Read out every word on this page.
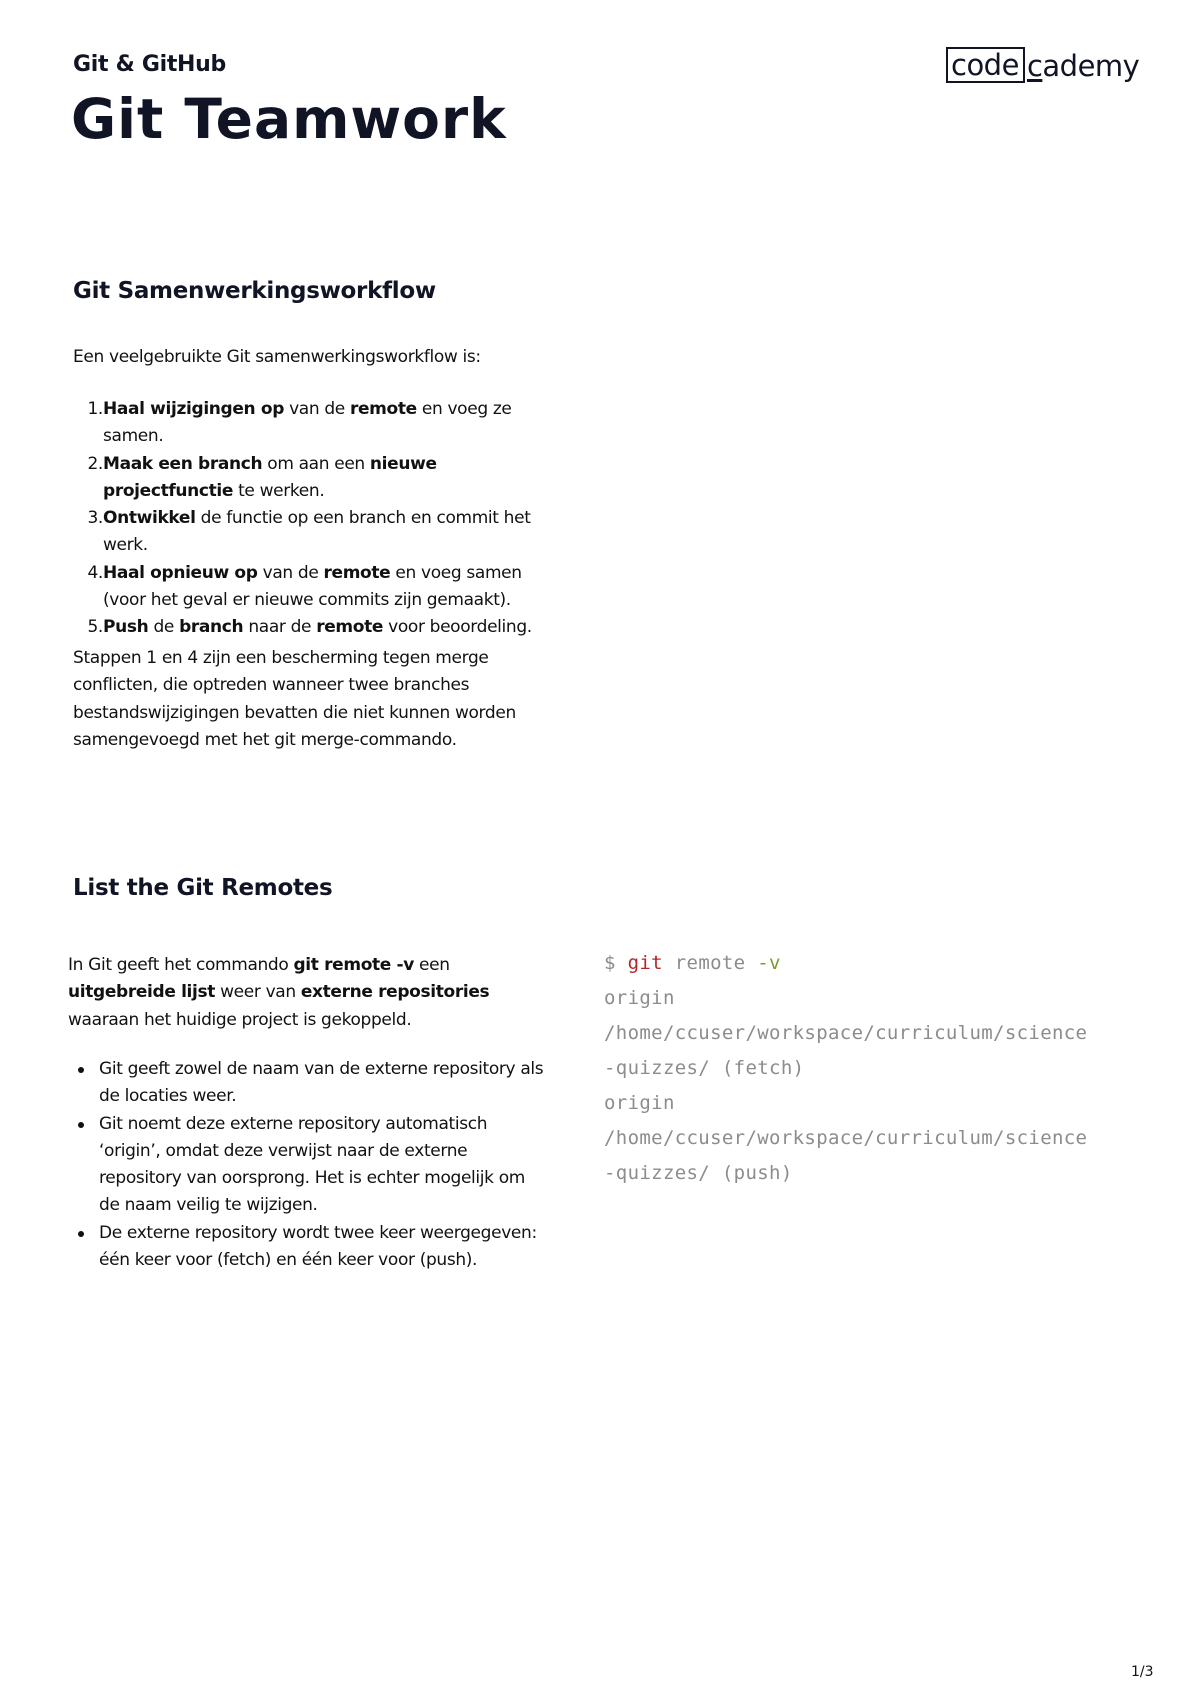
Git & GitHub
Git Teamwork
code cademy
Git Samenwerkingsworkflow

Een veelgebruikte Git samenwerkingsworkflow is:

1. Haal wijzigingen op van de remote en voeg ze samen.
2. Maak een branch om aan een nieuwe projectfunctie te werken.
3. Ontwikkel de functie op een branch en commit het werk.
4. Haal opnieuw op van de remote en voeg samen (voor het geval er nieuwe commits zijn gemaakt).
5. Push de branch naar de remote voor beoordeling.

Stappen 1 en 4 zijn een bescherming tegen merge conflicten, die optreden wanneer twee branches bestandswijzigingen bevatten die niet kunnen worden samengevoegd met het git merge-commando.

List the Git Remotes

In Git geeft het commando git remote -v een uitgebreide lijst weer van externe repositories waaraan het huidige project is gekoppeld.

Git geeft zowel de naam van de externe repository als de locaties weer.
Git noemt deze externe repository automatisch ‘origin’, omdat deze verwijst naar de externe repository van oorsprong. Het is echter mogelijk om de naam veilig te wijzigen.
De externe repository wordt twee keer weergegeven: één keer voor (fetch) en één keer voor (push).
$ git remote -v
origin
/home/ccuser/workspace/curriculum/science
-quizzes/ (fetch)
origin
/home/ccuser/workspace/curriculum/science
-quizzes/ (push)
1/3
